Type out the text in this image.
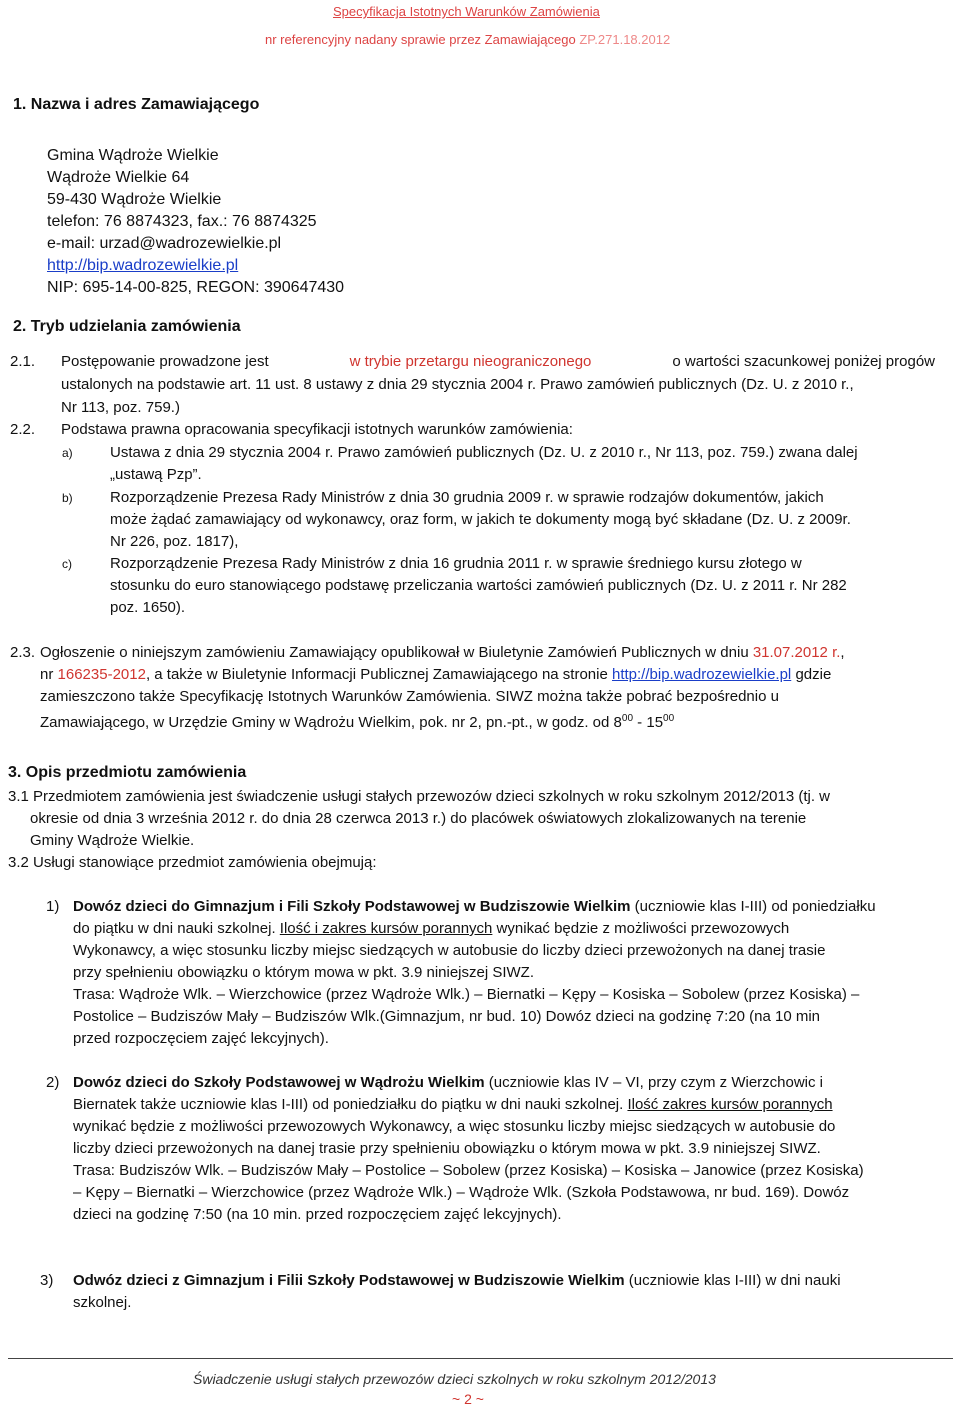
Specyfikacja Istotnych Warunków Zamówienia
nr referencyjny nadany sprawie przez Zamawiającego ZP.271.18.2012
1. Nazwa i adres Zamawiającego
Gmina Wądroże Wielkie
Wądroże Wielkie 64
59-430 Wądroże Wielkie
telefon: 76 8874323, fax.: 76 8874325
e-mail: urzad@wadrozewielkie.pl
http://bip.wadrozewielkie.pl
NIP: 695-14-00-825, REGON: 390647430
2. Tryb udzielania zamówienia
2.1. Postępowanie prowadzone jest	w trybie przetargu nieograniczonego	o wartości szacunkowej poniżej progów
ustalonych na podstawie art. 11 ust. 8 ustawy z dnia 29 stycznia 2004 r. Prawo zamówień publicznych (Dz. U. z 2010 r.,
Nr 113, poz. 759.)
2.2. Podstawa prawna opracowania specyfikacji istotnych warunków zamówienia:
a) Ustawa z dnia 29 stycznia 2004 r. Prawo zamówień publicznych (Dz. U. z 2010 r., Nr 113, poz. 759.) zwana dalej
„ustawą Pzp”.
b) Rozporządzenie Prezesa Rady Ministrów z dnia 30 grudnia 2009 r. w sprawie rodzajów dokumentów, jakich
może żądać zamawiający od wykonawcy, oraz form, w jakich te dokumenty mogą być składane (Dz. U. z 2009r.
Nr 226, poz. 1817),
c)	Rozporządzenie Prezesa Rady Ministrów z dnia 16 grudnia 2011 r. w sprawie średniego kursu złotego w
stosunku do euro stanowiącego podstawę przeliczania wartości zamówień publicznych (Dz. U. z 2011 r. Nr 282
poz. 1650).
2.3. Ogłoszenie o niniejszym zamówieniu Zamawiający opublikował w Biuletynie Zamówień Publicznych w dniu 31.07.2012 r.,
nr 166235-2012, a także w Biuletynie Informacji Publicznej Zamawiającego na stronie http://bip.wadrozewielkie.pl gdzie
zamieszczono także Specyfikację Istotnych Warunków Zamówienia. SIWZ można także pobrać bezpośrednio u
Zamawiającego, w Urzędzie Gminy w Wądrożu Wielkim, pok. nr 2, pn.-pt., w godz. od $8^{00} - 15^{00}$
3. Opis przedmiotu zamówienia
3.1 Przedmiotem zamówienia jest świadczenie usługi stałych przewozów dzieci szkolnych w roku szkolnym 2012/2013 (tj. w
okresie od dnia 3 września 2012 r. do dnia 28 czerwca 2013 r.) do placówek oświatowych zlokalizowanych na terenie
Gminy Wądroże Wielkie.
3.2 Usługi stanowiące przedmiot zamówienia obejmują:
1) Dowóz dzieci do Gimnazjum i Fili Szkoły Podstawowej w Budziszowie Wielkim (uczniowie klas I-III) od poniedziałku
do piątku w dni nauki szkolnej. Ilość i zakres kursów porannych wynikać będzie z możliwości przewozowych
Wykonawcy, a więc stosunku liczby miejsc siedzących w autobusie do liczby dzieci przewożonych na danej trasie
przy spełnieniu obowiązku o którym mowa w pkt. 3.9 niniejszej SIWZ.
Trasa: Wądroże Wlk. – Wierzchowice (przez Wądroże Wlk.) – Biernatki – Kępy – Kosiska – Sobolew (przez Kosiska) –
Postolice – Budziszów Mały – Budziszów Wlk.(Gimnazjum, nr bud. 10) Dowóz dzieci na godzinę 7:20 (na 10 min
przed rozpoczęciem zajęć lekcyjnych).
2) Dowóz dzieci do Szkoły Podstawowej w Wądrożu Wielkim (uczniowie klas IV – VI, przy czym z Wierzchowic i
Biernatek także uczniowie klas I-III) od poniedziałku do piątku w dni nauki szkolnej. Ilość zakres kursów porannych
wynikać będzie z możliwości przewozowych Wykonawcy, a więc stosunku liczby miejsc siedzących w autobusie do
liczby dzieci przewożonych na danej trasie przy spełnieniu obowiązku o którym mowa w pkt. 3.9 niniejszej SIWZ.
Trasa: Budziszów Wlk. – Budziszów Mały – Postolice – Sobolew (przez Kosiska) – Kosiska – Janowice (przez Kosiska)
– Kępy – Biernatki – Wierzchowice (przez Wądroże Wlk.) – Wądroże Wlk. (Szkoła Podstawowa, nr bud. 169). Dowóz
dzieci na godzinę 7:50 (na 10 min. przed rozpoczęciem zajęć lekcyjnych).
3) Odwóz dzieci z Gimnazjum i Filii Szkoły Podstawowej w Budziszowie Wielkim (uczniowie klas I-III) w dni nauki
szkolnej.
Świadczenie usługi stałych przewozów dzieci szkolnych w roku szkolnym 2012/2013
~ 2 ~
